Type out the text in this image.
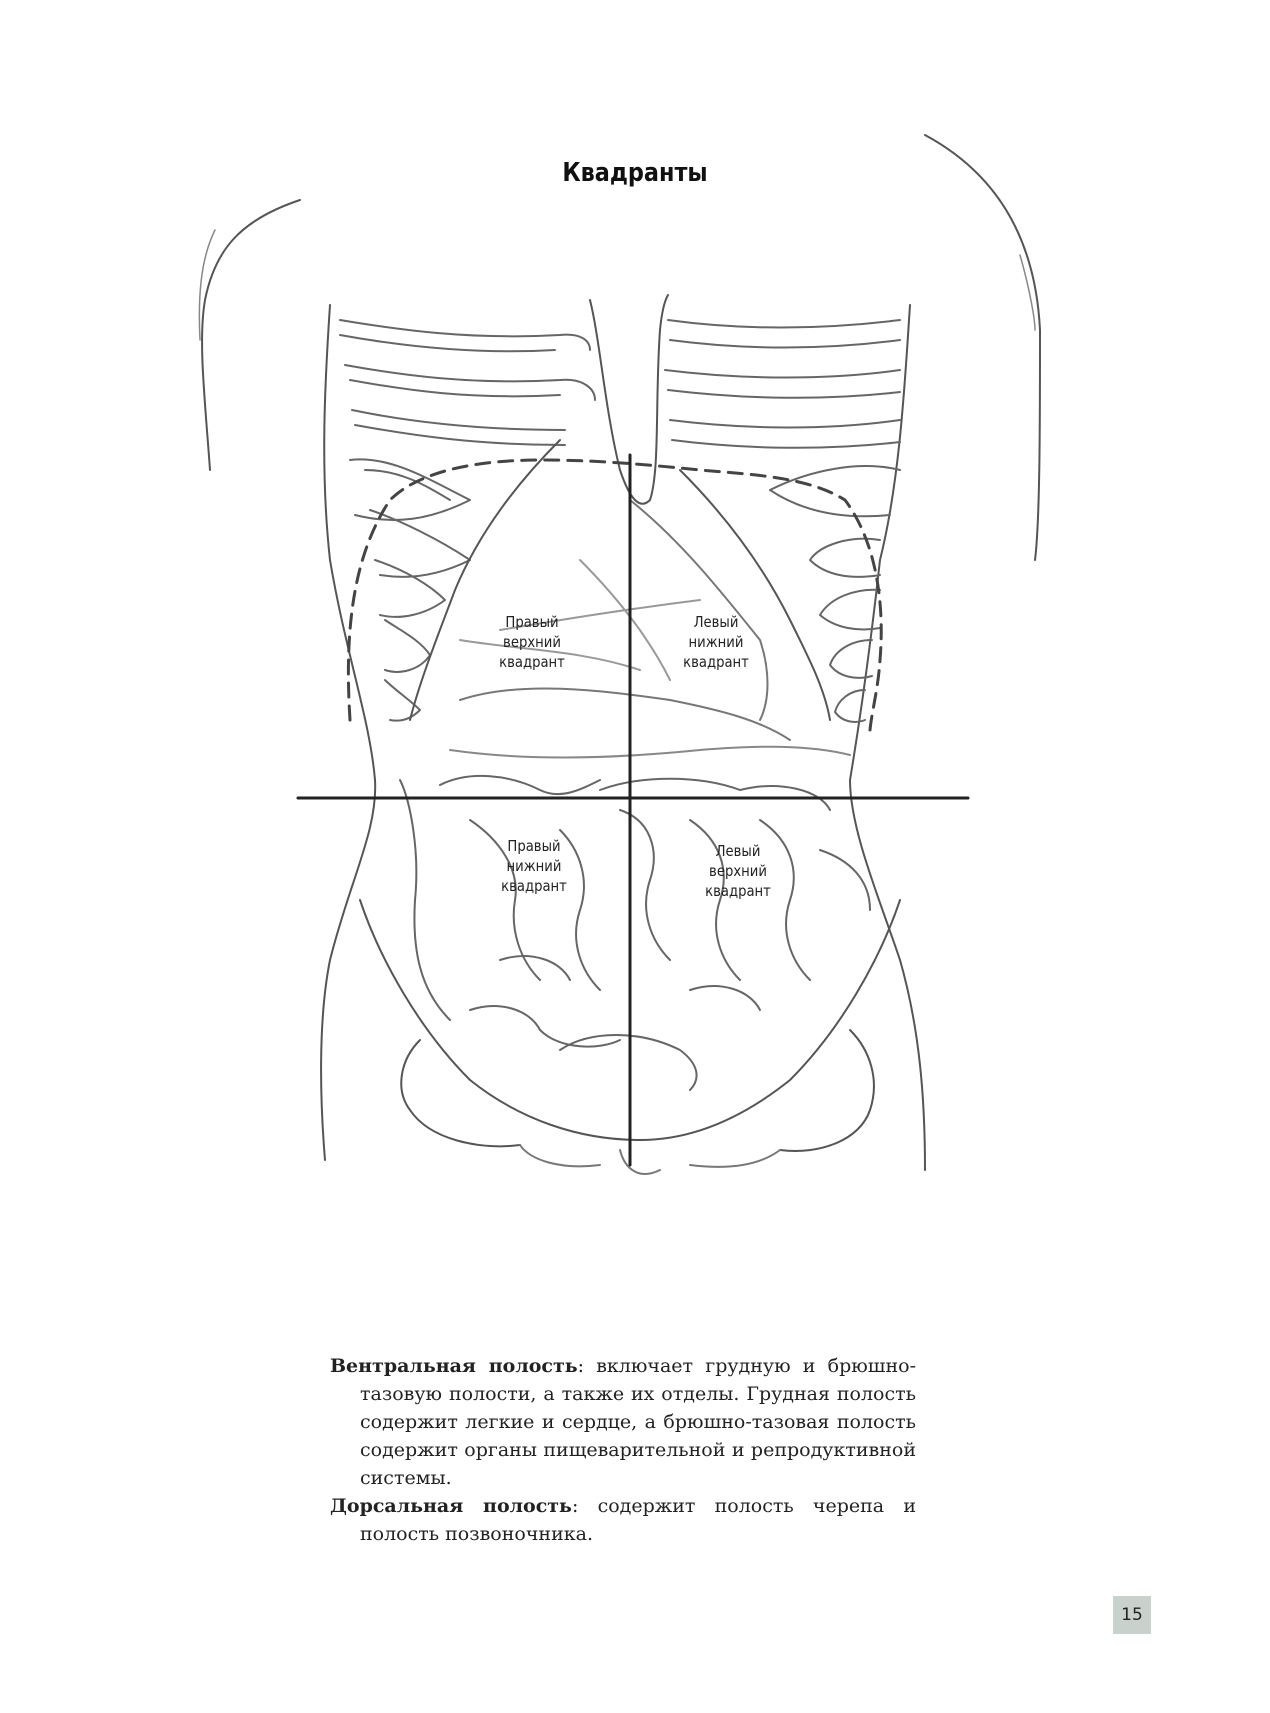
Квадранты
Правый
верхний
квадрант
Левый
нижний
квадрант
Правый
нижний
квадрант
Левый
верхний
квадрант

Вентральная полость: включает грудную и брюшно-тазовую полости, а также их отделы. Грудная полость содержит легкие и сердце, а брюшно-тазовая полость содержит органы пищеварительной и репродуктивной системы.

Дорсальная полость: содержит полость черепа и полость позвоночника.

15
